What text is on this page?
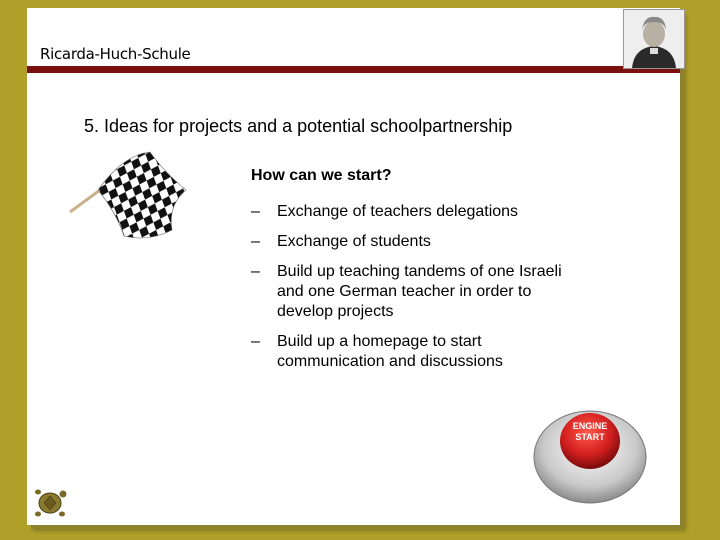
Ricarda-Huch-Schule
5. Ideas for projects and a potential schoolpartnership
How can we start?
–	Exchange of teachers delegations
–	Exchange of students
–	Build up teaching tandems of one Israeli and one German teacher in order to develop projects
–	Build up a homepage to start communication and discussions
ENGINE
START
